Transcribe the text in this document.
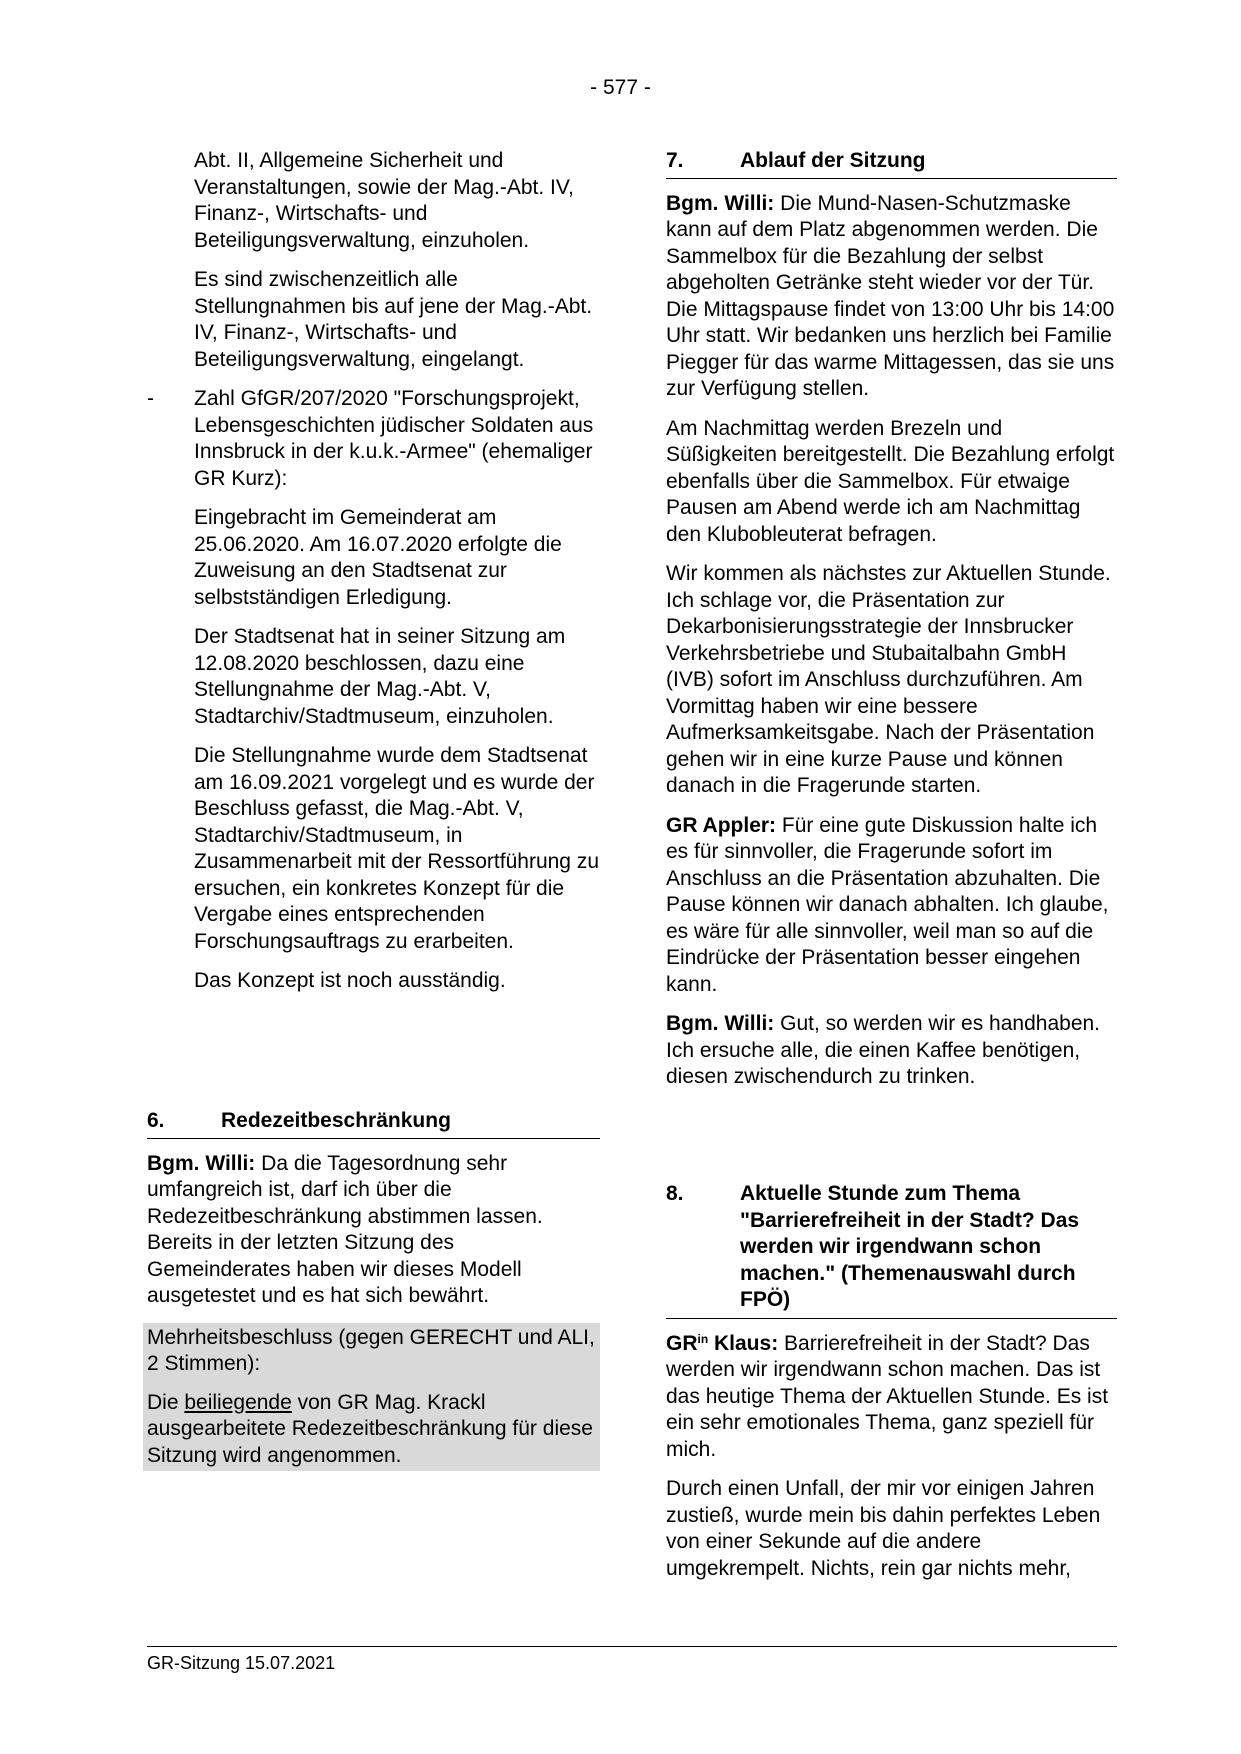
- 577 -

Abt. II, Allgemeine Sicherheit und Veranstaltungen, sowie der Mag.-Abt. IV, Finanz-, Wirtschafts- und Beteiligungsverwaltung, einzuholen.

Es sind zwischenzeitlich alle Stellungnahmen bis auf jene der Mag.-Abt. IV, Finanz-, Wirtschafts- und Beteiligungsverwaltung, eingelangt.

- Zahl GfGR/207/2020 "Forschungsprojekt, Lebensgeschichten jüdischer Soldaten aus Innsbruck in der k.u.k.-Armee" (ehemaliger GR Kurz):

Eingebracht im Gemeinderat am 25.06.2020. Am 16.07.2020 erfolgte die Zuweisung an den Stadtsenat zur selbstständigen Erledigung.

Der Stadtsenat hat in seiner Sitzung am 12.08.2020 beschlossen, dazu eine Stellungnahme der Mag.-Abt. V, Stadtarchiv/Stadtmuseum, einzuholen.

Die Stellungnahme wurde dem Stadtsenat am 16.09.2021 vorgelegt und es wurde der Beschluss gefasst, die Mag.-Abt. V, Stadtarchiv/Stadtmuseum, in Zusammenarbeit mit der Ressortführung zu ersuchen, ein konkretes Konzept für die Vergabe eines entsprechenden Forschungsauftrags zu erarbeiten.

Das Konzept ist noch ausständig.

6.	Redezeitbeschränkung

Bgm. Willi: Da die Tagesordnung sehr umfangreich ist, darf ich über die Redezeitbeschränkung abstimmen lassen. Bereits in der letzten Sitzung des Gemeinderates haben wir dieses Modell ausgetestet und es hat sich bewährt.

Mehrheitsbeschluss (gegen GERECHT und ALI, 2 Stimmen):

Die beiliegende von GR Mag. Krackl ausgearbeitete Redezeitbeschränkung für diese Sitzung wird angenommen.

7.	Ablauf der Sitzung

Bgm. Willi: Die Mund-Nasen-Schutzmaske kann auf dem Platz abgenommen werden. Die Sammelbox für die Bezahlung der selbst abgeholten Getränke steht wieder vor der Tür. Die Mittagspause findet von 13:00 Uhr bis 14:00 Uhr statt. Wir bedanken uns herzlich bei Familie Piegger für das warme Mittagessen, das sie uns zur Verfügung stellen.

Am Nachmittag werden Brezeln und Süßigkeiten bereitgestellt. Die Bezahlung erfolgt ebenfalls über die Sammelbox. Für etwaige Pausen am Abend werde ich am Nachmittag den Klubobleuterat befragen.

Wir kommen als nächstes zur Aktuellen Stunde. Ich schlage vor, die Präsentation zur Dekarbonisierungsstrategie der Innsbrucker Verkehrsbetriebe und Stubaitalbahn GmbH (IVB) sofort im Anschluss durchzuführen. Am Vormittag haben wir eine bessere Aufmerksamkeitsgabe. Nach der Präsentation gehen wir in eine kurze Pause und können danach in die Fragerunde starten.

GR Appler: Für eine gute Diskussion halte ich es für sinnvoller, die Fragerunde sofort im Anschluss an die Präsentation abzuhalten. Die Pause können wir danach abhalten. Ich glaube, es wäre für alle sinnvoller, weil man so auf die Eindrücke der Präsentation besser eingehen kann.

Bgm. Willi: Gut, so werden wir es handhaben. Ich ersuche alle, die einen Kaffee benötigen, diesen zwischendurch zu trinken.

8.	Aktuelle Stunde zum Thema "Barrierefreiheit in der Stadt? Das werden wir irgendwann schon machen." (Themenauswahl durch FPÖ)

$GR^{in}$ Klaus: Barrierefreiheit in der Stadt? Das werden wir irgendwann schon machen. Das ist das heutige Thema der Aktuellen Stunde. Es ist ein sehr emotionales Thema, ganz speziell für mich.

Durch einen Unfall, der mir vor einigen Jahren zustieß, wurde mein bis dahin perfektes Leben von einer Sekunde auf die andere umgekrempelt. Nichts, rein gar nichts mehr,

GR-Sitzung 15.07.2021
